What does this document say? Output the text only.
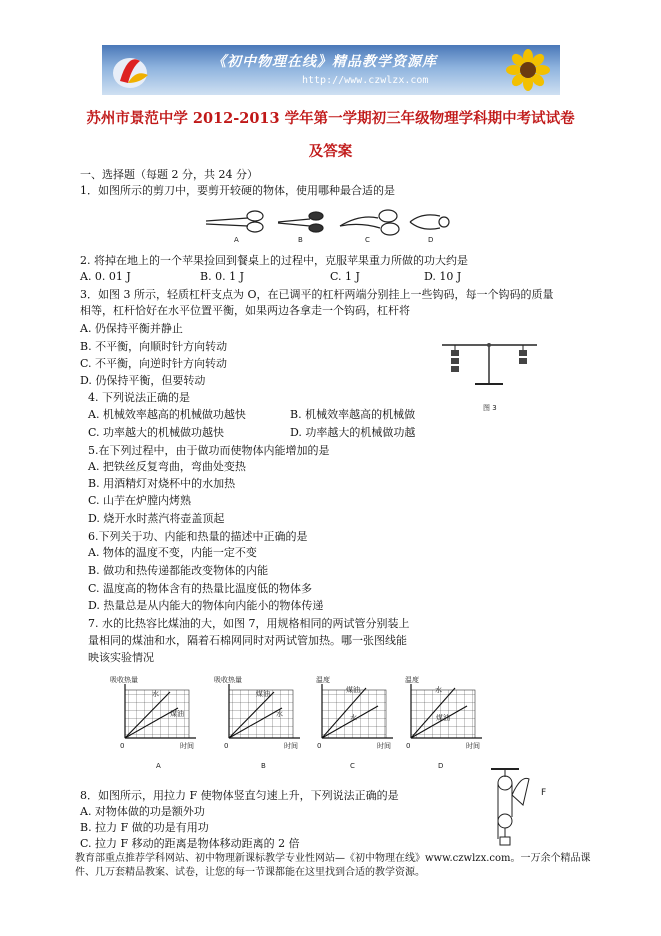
《初中物理在线》精品教学资源库
http://www.czwlzx.com
苏州市景范中学 2012-2013 学年第一学期初三年级物理学科期中考试试卷
及答案
一、选择题（每题 2 分，共 24 分）
1．如图所示的剪刀中，要剪开较硬的物体，使用哪种最合适的是
A	B	C	D
2. 将掉在地上的一个苹果捡回到餐桌上的过程中，克服苹果重力所做的功大约是
A. 0. 01 J	B. 0. 1 J	C. 1 J	D. 10 J
3．如图 3 所示，轻质杠杆支点为 O，在已调平的杠杆两端分别挂上一些钩码，每一个钩码的质量
相等，杠杆恰好在水平位置平衡，如果两边各拿走一个钩码，杠杆将
A. 仍保持平衡并静止
B. 不平衡，向顺时针方向转动
C. 不平衡，向逆时针方向转动
D. 仍保持平衡，但要转动
图 3
4. 下列说法正确的是
A. 机械效率越高的机械做功越快	B. 机械效率越高的机械做
C. 功率越大的机械做功越快	D. 功率越大的机械做功越
5.在下列过程中，由于做功而使物体内能增加的是
A. 把铁丝反复弯曲，弯曲处变热
B. 用酒精灯对烧杯中的水加热
C. 山芋在炉膛内烤熟
D. 烧开水时蒸汽将壶盖顶起
6.下列关于功、内能和热量的描述中正确的是
A. 物体的温度不变，内能一定不变
B. 做功和热传递都能改变物体的内能
C. 温度高的物体含有的热量比温度低的物体多
D. 热量总是从内能大的物体向内能小的物体传递
7. 水的比热容比煤油的大，如图 7，用规格相同的两试管分别装上
量相同的煤油和水，隔着石棉网同时对两试管加热。哪一张图线能
映该实验情况
吸收热量
水
煤油
0	时间
A
吸收热量
煤油
水
0	时间
B
温度
煤油
水
0	时间
C
温度
水
煤油
0	时间
D
8．如图所示，用拉力 F 使物体竖直匀速上升，下列说法正确的是
A. 对物体做的功是额外功
B. 拉力 F 做的功是有用功
C. 拉力 F 移动的距离是物体移动距离的 2 倍
F
教育部重点推荐学科网站、初中物理新课标教学专业性网站—《初中物理在线》www.czwlzx.com。一万余个精品课件、几万套精品教案、试卷，让您的每一节课都能在这里找到合适的教学资源。
